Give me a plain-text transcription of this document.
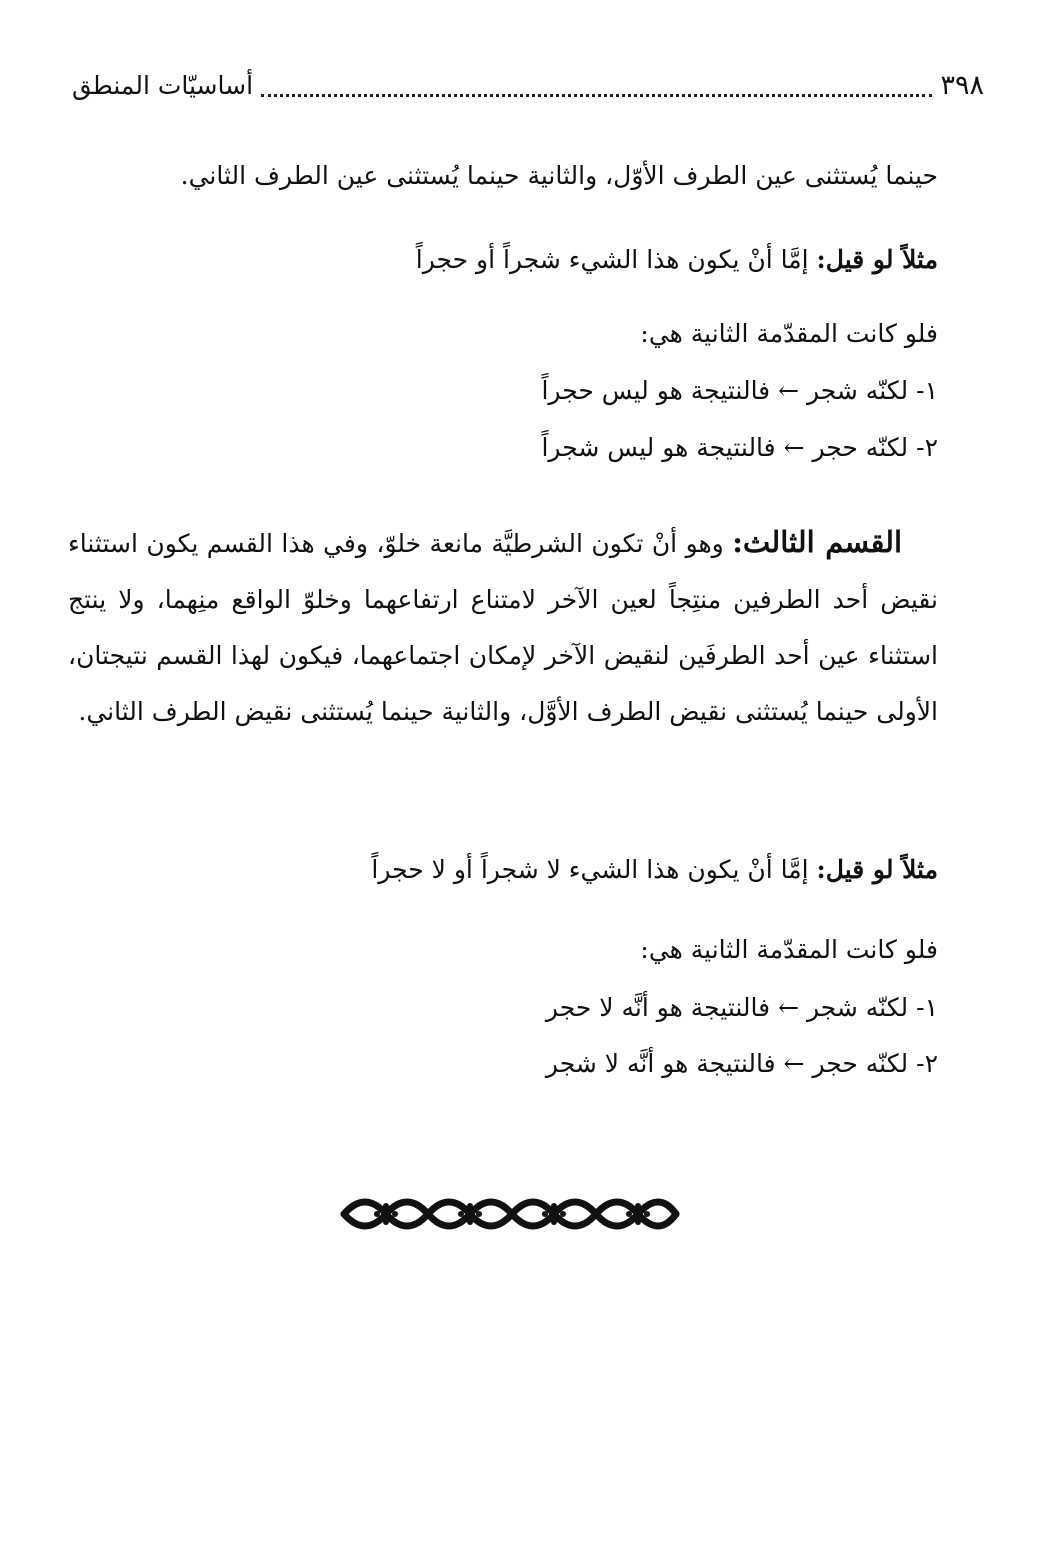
٣٩٨
أساسيّات المنطق

حينما يُستثنى عين الطرف الأوّل، والثانية حينما يُستثنى عين الطرف الثاني.

مثلاً لو قيل: إمَّا أنْ يكون هذا الشيء شجراً أو حجراً

فلو كانت المقدّمة الثانية هي:

١- لكنّه شجر ← فالنتيجة هو ليس حجراً

٢- لكنّه حجر ← فالنتيجة هو ليس شجراً

القسم الثالث: وهو أنْ تكون الشرطيَّة مانعة خلوّ، وفي هذا القسم يكون استثناء نقيض أحد الطرفين منتِجاً لعين الآخر لامتناع ارتفاعهما وخلوّ الواقع منِهما، ولا ينتج استثناء عين أحد الطرفَين لنقيض الآخر لإمكان اجتماعهما، فيكون لهذا القسم نتيجتان، الأولى حينما يُستثنى نقيض الطرف الأوَّل، والثانية حينما يُستثنى نقيض الطرف الثاني.

مثلاً لو قيل: إمَّا أنْ يكون هذا الشيء لا شجراً أو لا حجراً

فلو كانت المقدّمة الثانية هي:

١- لكنّه شجر ← فالنتيجة هو أنَّه لا حجر

٢- لكنّه حجر ← فالنتيجة هو أنَّه لا شجر
